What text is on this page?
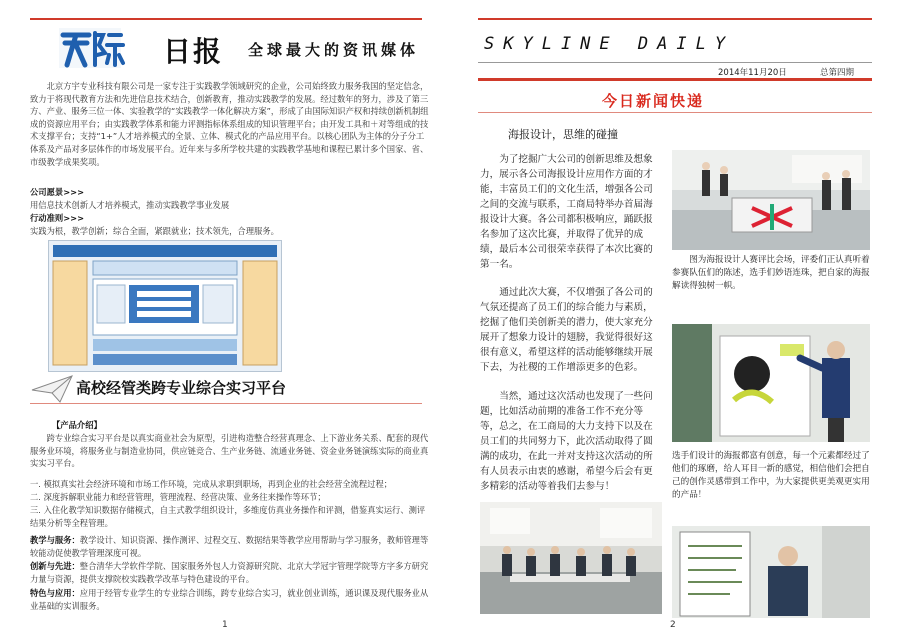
日报 全球最大的资讯媒体
北京方宇专业科技有限公司是一家专注于实践教学领域研究的企业，公司始终致力服务我国的坚定信念，致力于将现代教育方法和先进信息技术结合，创新教育，推动实践教学的发展。经过数年的努力，涉及了第三方、产业、服务三位一体、实验教学的“实践教学一体化解决方案”，形成了由国际知识产权和持续创新机制组成的资源应用平台；由实践教学体系和能力评测指标体系组成的知识管理平台；由开发工具和＋对等组成的技术支撑平台；支持“1+”人才培养模式的全景、立体、模式化的产品应用平台。以核心团队为主体的分子分工体系及产品对多层体作的市场发展平台。近年来与多所学校共建的实践教学基地和课程已累计多个国家、省、市级教学成果奖项。
公司愿景>>>
用信息技术创新人才培养模式，推动实践教学事业发展
行动准则>>>
实践为根，教学创新；综合全面，紧跟就业；技术领先，合理服务。
高校经管类跨专业综合实习平台
【产品介绍】
跨专业综合实习平台是以真实商业社会为原型，引进构造整合经营真理念、上下游业务关系、配套的现代服务业环境，将服务业与制造业协同，供应链竞合、生产业务链、流通业务链、资金业务链演练实际的商业真实实习平台。
一. 模拟真实社会经济环境和市场工作环境，完成从求职到职场，再到企业的社会经营全流程过程；
二. 深度拆解职业能力和经营管理，管理流程、经营决策、业务往来操作等环节；
三. 入住化教学知识数据存储模式，自主式教学组织设计，多维度仿真业务操作和评测，借鉴真实运行、测评结果分析等全程管理。
教学与服务：教学设计、知识资源、操作测评、过程交互、数据结果等教学应用帮助与学习服务，教师管理等较能动促使教学管理深度可视。
创新与先进：整合清华大学软件学院、国家服务外包人力资源研究院、北京大学冠宇管理学院等方字多方研究力量与资源，提供支撑院校实践教学改革与特色建设的平台。
特色与应用：应用于经管专业学生的专业综合训练，跨专业综合实习，就业创业训练，通识课及现代服务业从业基础的实训服务。
1
SKYLINE DAILY
2014年11月20日	总第四期
今日新闻快递
海报设计，思维的碰撞
为了挖掘广大公司的创新思维及想象力，展示各公司海报设计应用作方面的才能，丰富员工们的文化生活，增强各公司之间的交流与联系，工商局特举办首届海报设计大赛。各公司都积极响应，踊跃报名参加了这次比赛，并取得了优异的成绩，最后本公司很荣幸获得了本次比赛的第一名。
通过此次大赛，不仅增强了各公司的气氛还提高了员工们的综合能力与素质，挖掘了他们美创新美的潜力，使大家充分展开了想象力设计的翅膀，我觉得很好这很有意义，希望这样的活动能够继续开展下去，为社稷的工作增添更多的色彩。
当然，通过这次活动也发现了一些问题，比如活动前期的准备工作不充分等等，总之，在工商局的大力支持下以及在员工们的共同努力下，此次活动取得了圆满的成功，在此一并对支持这次活动的所有人员表示由衷的感谢，希望今后会有更多精彩的活动等着我们去参与！
图为海报设计人赛评比会场，评委们正认真听着参赛队伍们的陈述，选手们妙语连珠，把自家的海报解读得独树一帜。
选手们设计的海报都富有创意，每一个元素都经过了他们的琢磨，给人耳目一新的感觉，相信他们会把自己的创作灵感带到工作中，为大家提供更美观更实用的产品！
2
